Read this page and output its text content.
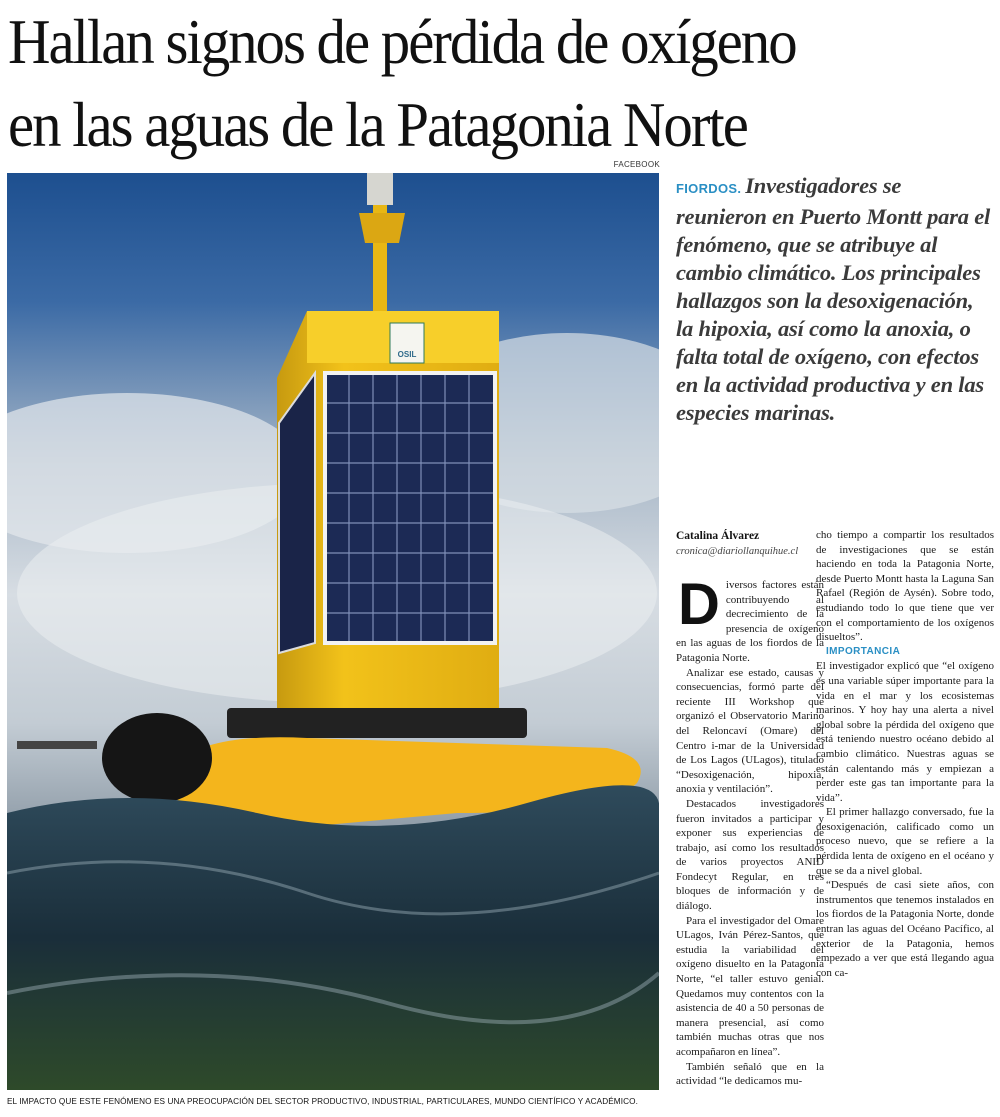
Hallan signos de pérdida de oxígeno
en las aguas de la Patagonia Norte
FACEBOOK
OSIL

EL IMPACTO QUE ESTE FENÓMENO ES UNA PREOCUPACIÓN DEL SECTOR PRODUCTIVO, INDUSTRIAL, PARTICULARES, MUNDO CIENTÍFICO Y ACADÉMICO.

FIORDOS. Investigadores se reunieron en Puerto Montt para el fenómeno, que se atribuye al cambio climático. Los principales hallazgos son la desoxigenación, la hipoxia, así como la anoxia, o falta total de oxígeno, con efectos en la actividad productiva y en las especies marinas.

Catalina Álvarez
cronica@diariollanquihue.cl

Diversos factores están contribuyendo al decrecimiento de la presencia de oxígeno en las aguas de los fiordos de la Patagonia Norte.

Analizar ese estado, causas y consecuencias, formó parte del reciente III Workshop que organizó el Observatorio Marino del Reloncaví (Omare) del Centro i-mar de la Universidad de Los Lagos (ULagos), titulado “Desoxigenación, hipoxia, anoxia y ventilación”.

Destacados investigadores fueron invitados a participar y exponer sus experiencias de trabajo, así como los resultados de varios proyectos ANID Fondecyt Regular, en tres bloques de información y de diálogo.

Para el investigador del Omare ULagos, Iván Pérez-Santos, que estudia la variabilidad del oxígeno disuelto en la Patagonia Norte, “el taller estuvo genial. Quedamos muy contentos con la asistencia de 40 a 50 personas de manera presencial, así como también muchas otras que nos acompañaron en línea”.

También señaló que en la actividad “le dedicamos mu-

cho tiempo a compartir los resultados de investigaciones que se están haciendo en toda la Patagonia Norte, desde Puerto Montt hasta la Laguna San Rafael (Región de Aysén). Sobre todo, estudiando todo lo que tiene que ver con el comportamiento de los oxígenos disueltos”.

IMPORTANCIA

El investigador explicó que “el oxígeno es una variable súper importante para la vida en el mar y los ecosistemas marinos. Y hoy hay una alerta a nivel global sobre la pérdida del oxígeno que está teniendo nuestro océano debido al cambio climático. Nuestras aguas se están calentando más y empiezan a perder este gas tan importante para la vida”.

El primer hallazgo conversado, fue la desoxigenación, calificado como un proceso nuevo, que se refiere a la pérdida lenta de oxígeno en el océano y que se da a nivel global.

“Después de casi siete años, con instrumentos que tenemos instalados en los fiordos de la Patagonia Norte, donde entran las aguas del Océano Pacífico, al exterior de la Patagonia, hemos empezado a ver que está llegando agua con ca-
